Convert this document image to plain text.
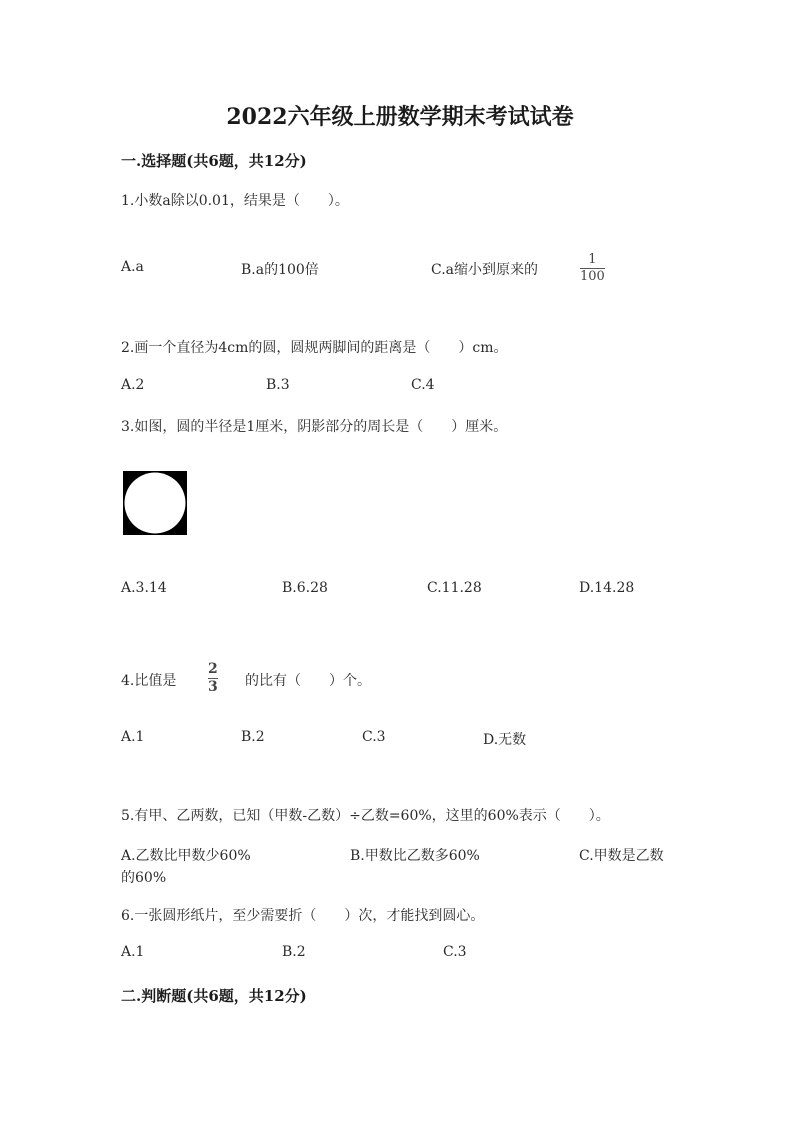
2022六年级上册数学期末考试试卷
一.选择题(共6题，共12分)
1.小数a除以0.01，结果是（　　）。
A.a	B.a的100倍	C.a缩小到原来的
1
100
2.画一个直径为4cm的圆，圆规两脚间的距离是（　　）cm。
A.2	B.3	C.4
3.如图，圆的半径是1厘米，阴影部分的周长是（　　）厘米。
A.3.14	B.6.28	C.11.28	D.14.28
4.比值是
2
3 的比有（　　）个。
A.1	B.2	C.3	D.无数
5.有甲、乙两数，已知（甲数-乙数）÷乙数=60%，这里的60%表示（　　）。
A.乙数比甲数少60%	B.甲数比乙数多60%	C.甲数是乙数
的60%
6.一张圆形纸片，至少需要折（　　）次，才能找到圆心。
A.1	B.2	C.3
二.判断题(共6题，共12分)
